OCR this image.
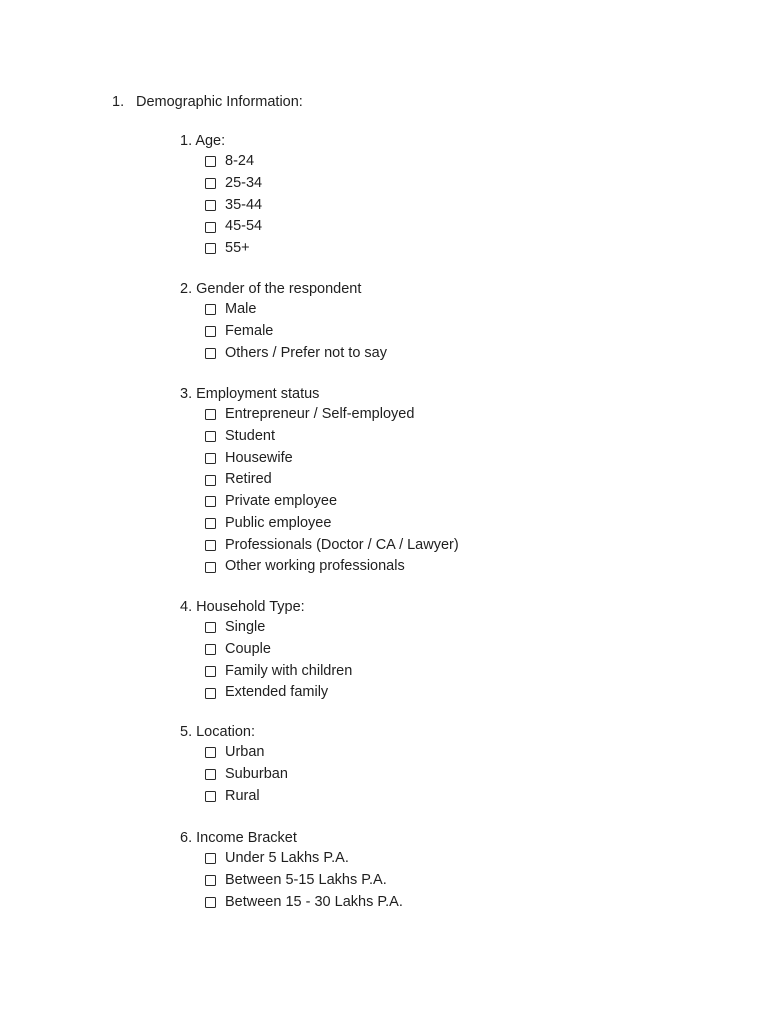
1. Demographic Information:
1. Age:
8-24
25-34
35-44
45-54
55+
2. Gender of the respondent
Male
Female
Others / Prefer not to say
3. Employment status
Entrepreneur / Self-employed
Student
Housewife
Retired
Private employee
Public employee
Professionals (Doctor / CA / Lawyer)
Other working professionals
4. Household Type:
Single
Couple
Family with children
Extended family
5. Location:
Urban
Suburban
Rural
6. Income Bracket
Under 5 Lakhs P.A.
Between 5-15 Lakhs P.A.
Between 15 - 30 Lakhs P.A.
